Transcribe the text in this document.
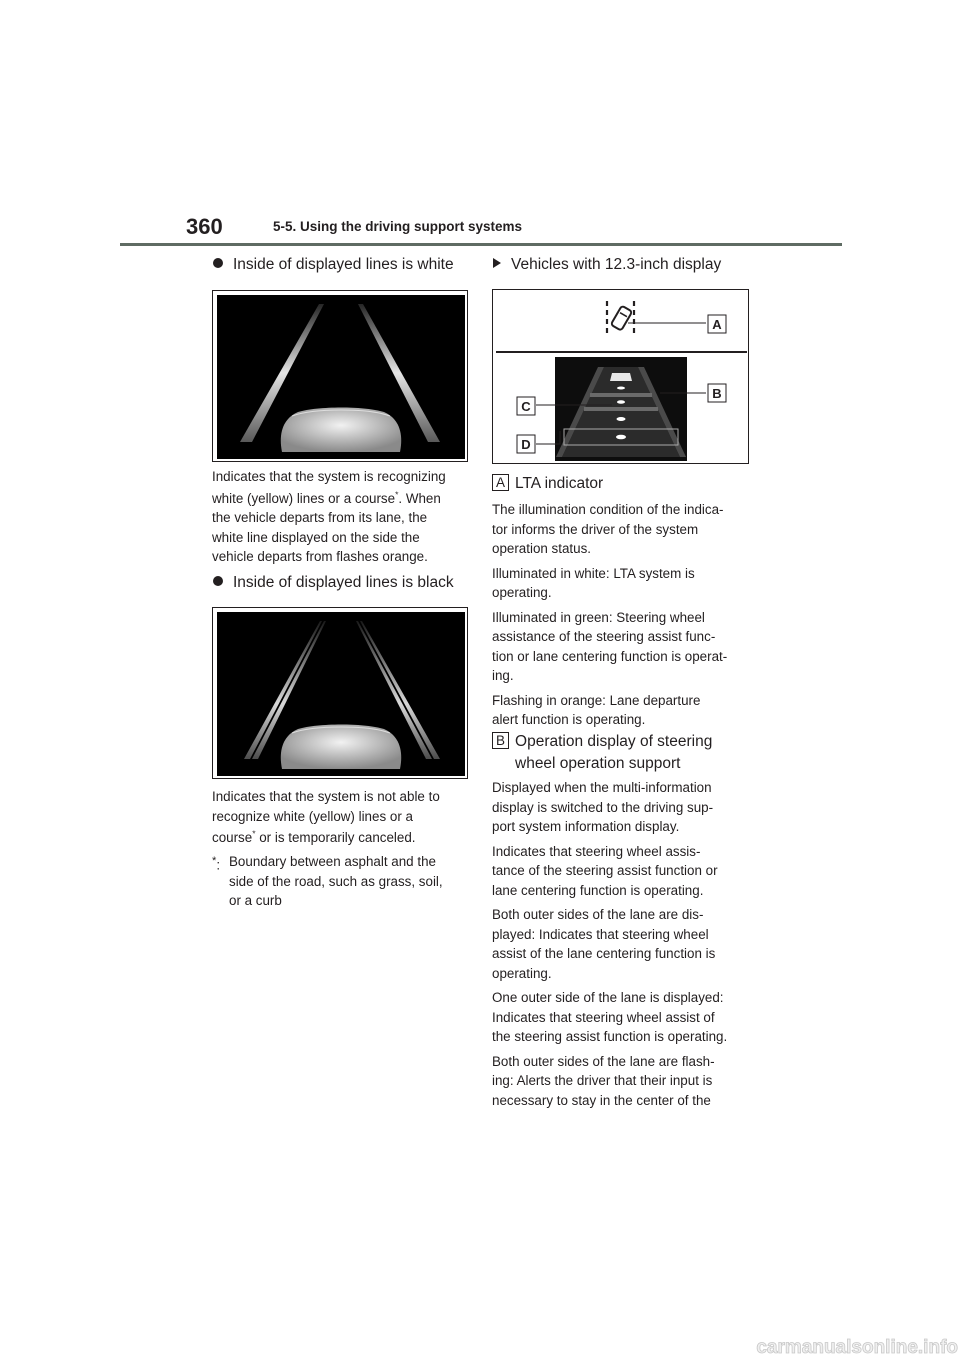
360	5-5. Using the driving support systems
Inside of displayed lines is white
Indicates that the system is recognizing
white (yellow) lines or a course*. When
the vehicle departs from its lane, the
white line displayed on the side the
vehicle departs from flashes orange.
Inside of displayed lines is black
Indicates that the system is not able to
recognize white (yellow) lines or a
course* or is temporarily canceled.
*: Boundary between asphalt and the
side of the road, such as grass, soil,
or a curb
Vehicles with 12.3-inch display
A
B
C
D
A LTA indicator
The illumination condition of the indica-
tor informs the driver of the system
operation status.
Illuminated in white: LTA system is
operating.
Illuminated in green: Steering wheel
assistance of the steering assist func-
tion or lane centering function is operat-
ing.
Flashing in orange: Lane departure
alert function is operating.
B Operation display of steering
wheel operation support
Displayed when the multi-information
display is switched to the driving sup-
port system information display.
Indicates that steering wheel assis-
tance of the steering assist function or
lane centering function is operating.
Both outer sides of the lane are dis-
played: Indicates that steering wheel
assist of the lane centering function is
operating.
One outer side of the lane is displayed:
Indicates that steering wheel assist of
the steering assist function is operating.
Both outer sides of the lane are flash-
ing: Alerts the driver that their input is
necessary to stay in the center of the
carmanualsonline.info
